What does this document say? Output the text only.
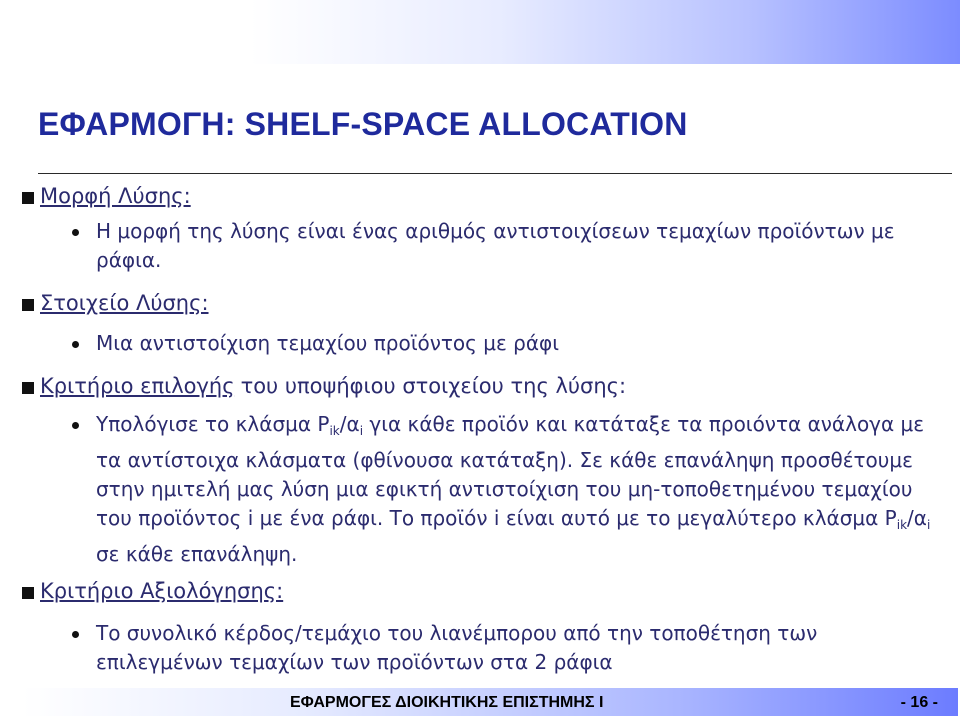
ΕΦΑΡΜΟΓΗ: SHELF-SPACE ALLOCATION
Μορφή Λύσης:
Η μορφή της λύσης είναι ένας αριθμός αντιστοιχίσεων τεμαχίων προϊόντων με ράφια.
Στοιχείο Λύσης:
Μια αντιστοίχιση τεμαχίου προϊόντος με ράφι
Κριτήριο επιλογής του υποψήφιου στοιχείου της λύσης:
Υπολόγισε το κλάσμα $P_{ik}/\alpha_i$ για κάθε προϊόν και κατάταξε τα προιόντα ανάλογα με τα αντίστοιχα κλάσματα (φθίνουσα κατάταξη). Σε κάθε επανάληψη προσθέτουμε στην ημιτελή μας λύση μια εφικτή αντιστοίχιση του μη-τοποθετημένου τεμαχίου του προϊόντος i με ένα ράφι. Το προϊόν i είναι αυτό με το μεγαλύτερο κλάσμα $P_{ik}/\alpha_i$ σε κάθε επανάληψη.
Κριτήριο Αξιολόγησης:
Το συνολικό κέρδος/τεμάχιο του λιανέμπορου από την τοποθέτηση των επιλεγμένων τεμαχίων των προϊόντων στα 2 ράφια
ΕΦΑΡΜΟΓΕΣ ΔΙΟΙΚΗΤΙΚΗΣ ΕΠΙΣΤΗΜΗΣ Ι	- 16 -
